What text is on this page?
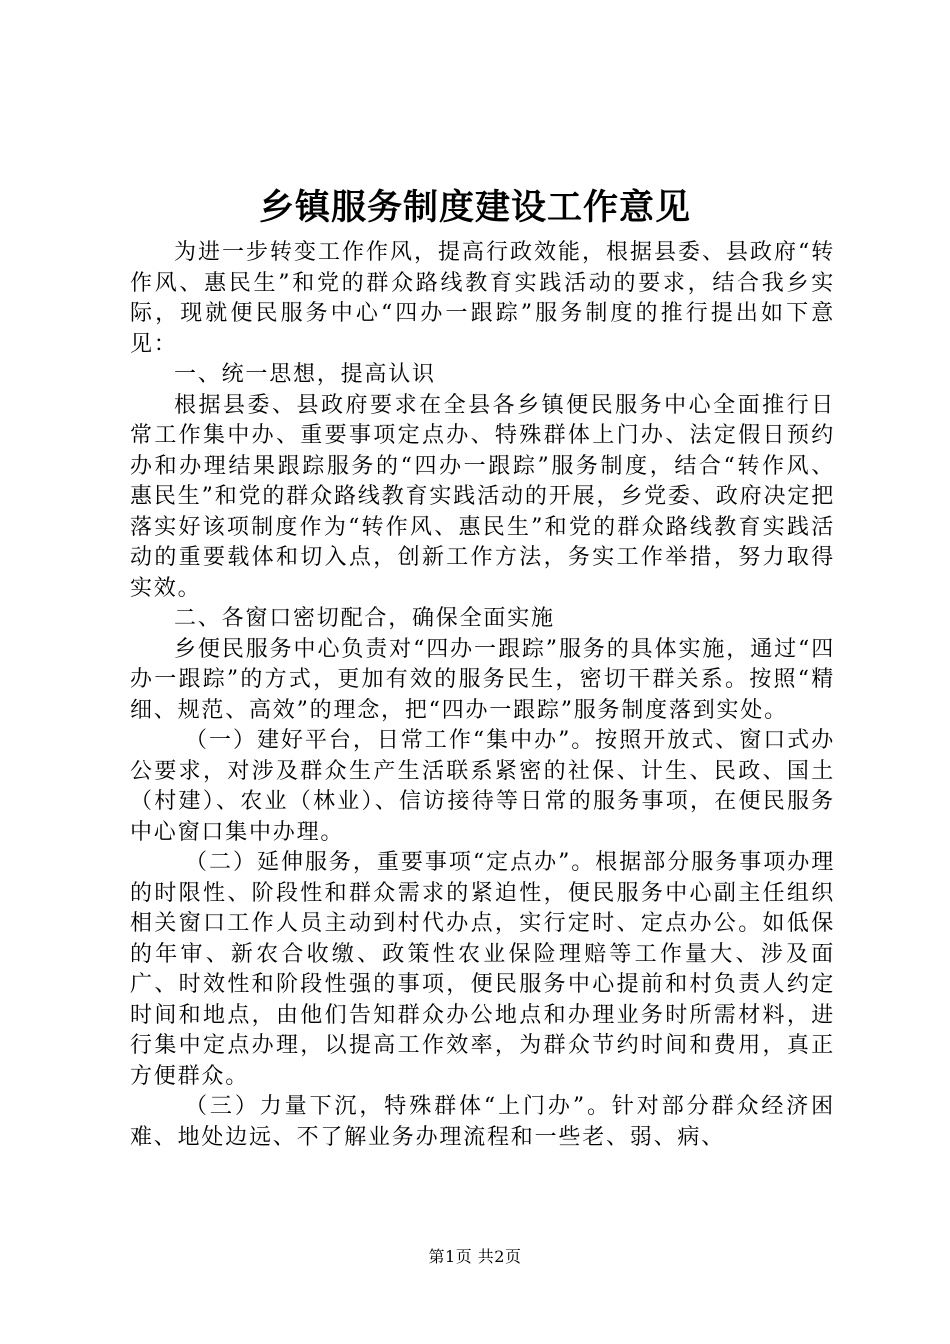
乡镇服务制度建设工作意见

为进一步转变工作作风，提高行政效能，根据县委、县政府“转作风、惠民生”和党的群众路线教育实践活动的要求，结合我乡实际，现就便民服务中心“四办一跟踪”服务制度的推行提出如下意见：

一、统一思想，提高认识

根据县委、县政府要求在全县各乡镇便民服务中心全面推行日常工作集中办、重要事项定点办、特殊群体上门办、法定假日预约办和办理结果跟踪服务的“四办一跟踪”服务制度，结合“转作风、惠民生”和党的群众路线教育实践活动的开展，乡党委、政府决定把落实好该项制度作为“转作风、惠民生”和党的群众路线教育实践活动的重要载体和切入点，创新工作方法，务实工作举措，努力取得实效。

二、各窗口密切配合，确保全面实施

乡便民服务中心负责对“四办一跟踪”服务的具体实施，通过“四办一跟踪”的方式，更加有效的服务民生，密切干群关系。按照“精细、规范、高效”的理念，把“四办一跟踪”服务制度落到实处。

（一）建好平台，日常工作“集中办”。按照开放式、窗口式办公要求，对涉及群众生产生活联系紧密的社保、计生、民政、国土（村建）、农业（林业）、信访接待等日常的服务事项，在便民服务中心窗口集中办理。

（二）延伸服务，重要事项“定点办”。根据部分服务事项办理的时限性、阶段性和群众需求的紧迫性，便民服务中心副主任组织相关窗口工作人员主动到村代办点，实行定时、定点办公。如低保的年审、新农合收缴、政策性农业保险理赔等工作量大、涉及面广、时效性和阶段性强的事项，便民服务中心提前和村负责人约定时间和地点，由他们告知群众办公地点和办理业务时所需材料，进行集中定点办理，以提高工作效率，为群众节约时间和费用，真正方便群众。

（三）力量下沉，特殊群体“上门办”。针对部分群众经济困难、地处边远、不了解业务办理流程和一些老、弱、病、

第1页 共2页
